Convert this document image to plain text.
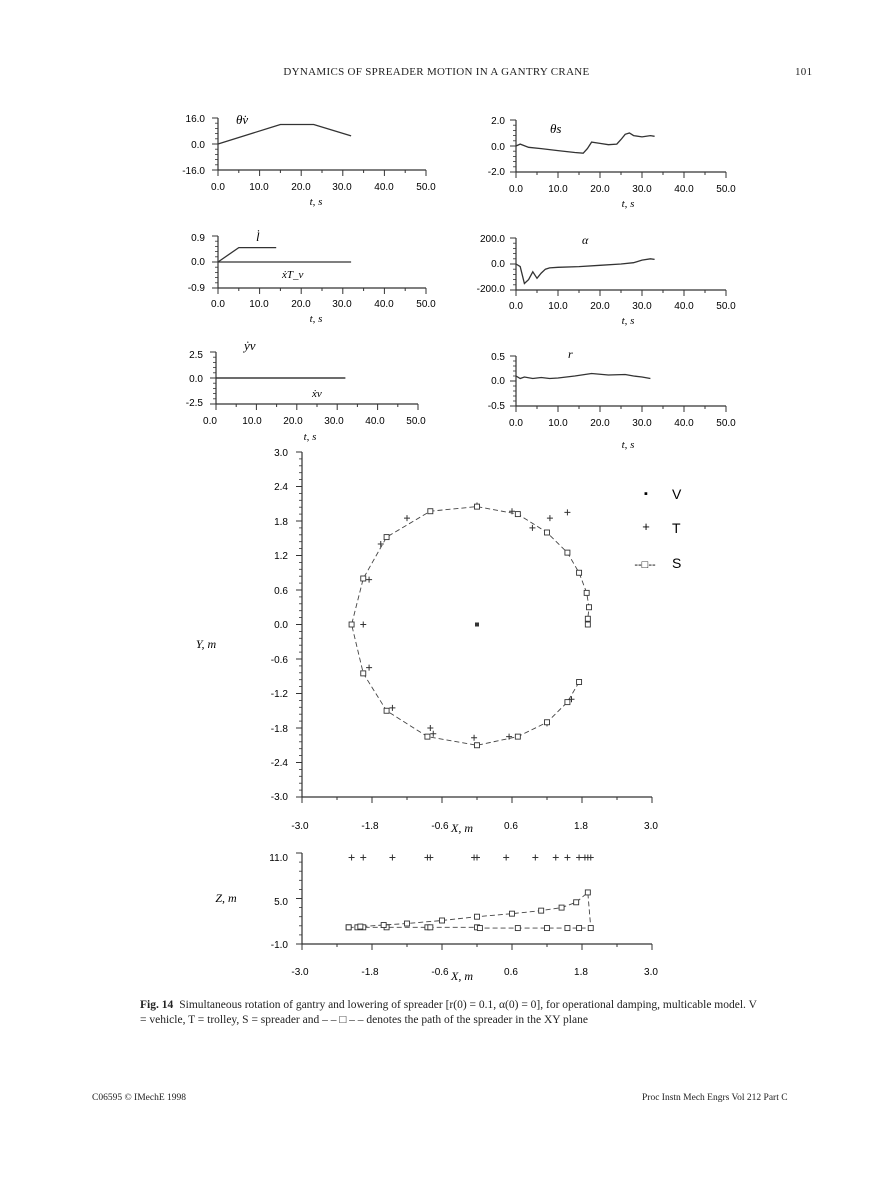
DYNAMICS OF SPREADER MOTION IN A GANTRY CRANE	101
16.0
0.0
-16.0
0.0 10.0 20.0 30.0 40.0 50.0
t, s
θ̇v	2.0
0.0
-2.0
0.0	10.0 20.0 30.0 40.0 50.0
t, s
θs
0.9
0.0
-0.9
0.0 10.0 20.0 30.0 40.0 50.0
t, s
l̇
ẋT_v
200.0
0.0
-200.0
0.0	10.0 20.0 30.0 40.0 50.0
t, s
α
2.5
0.0
-2.5
0.0	10.0 20.0 30.0 40.0 50.0
t, s
ẏv
ẋv
0.5
0.0
-0.5
0.0	10.0 20.0 30.0 40.0 50.0
t, s
r
3.0
2.4
1.8
1.2
0.6
0.0
-0.6
-1.2
-1.8
-2.4
-3.0
-3.0	-1.8	-0.6	0.6	1.8	3.0
X, m
Y, m
▪ V
+ T
--□-- S
11.0
5.0
-1.0
-3.0	-1.8	-0.6	0.6	1.8	3.0
X, m
Z, m
Fig. 14 Simultaneous rotation of gantry and lowering of spreader [r(0) = 0.1, α(0) = 0], for operational damping, multicable model. V = vehicle, T = trolley, S = spreader and – – □ – – denotes the path of the spreader in the XY plane
C06595 © IMechE 1998	Proc Instn Mech Engrs Vol 212 Part C
